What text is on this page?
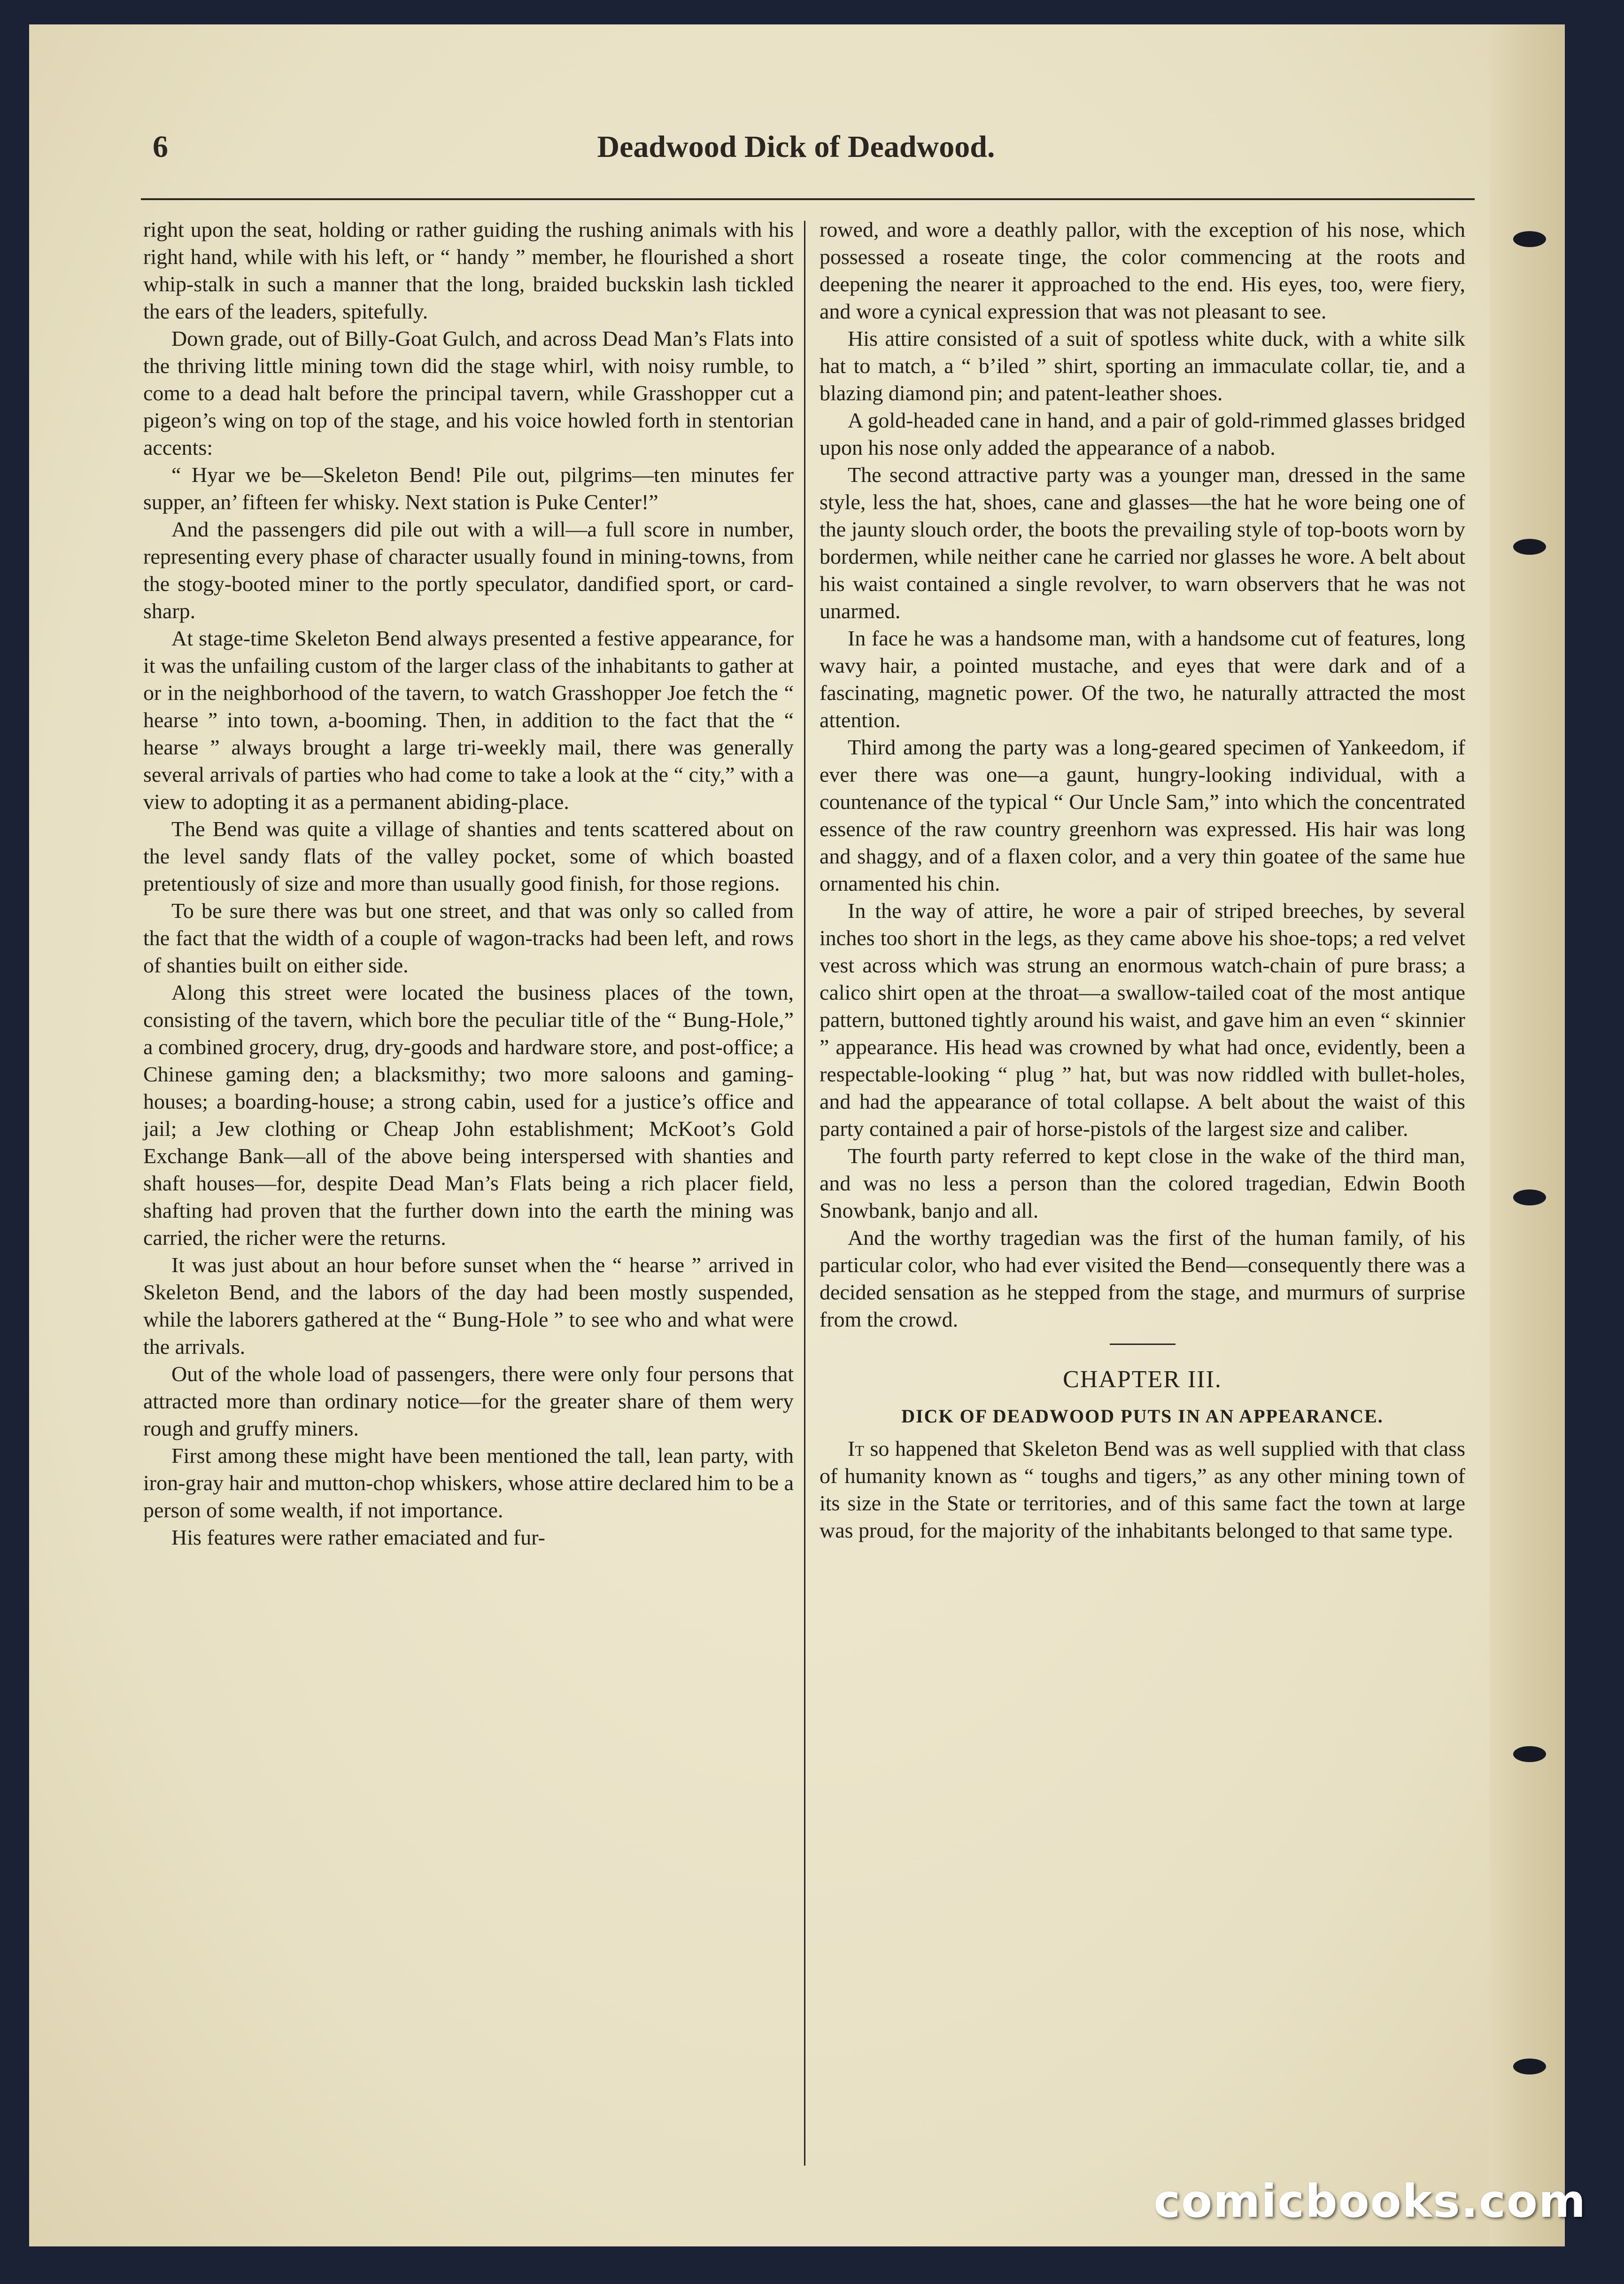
6	Deadwood Dick of Deadwood.

right upon the seat, holding or rather guiding the rushing animals with his right hand, while with his left, or “ handy ” member, he flourished a short whip-stalk in such a manner that the long, braided buckskin lash tickled the ears of the leaders, spitefully.

Down grade, out of Billy-Goat Gulch, and across Dead Man’s Flats into the thriving little mining town did the stage whirl, with noisy rumble, to come to a dead halt before the principal tavern, while Grasshopper cut a pigeon’s wing on top of the stage, and his voice howled forth in stentorian accents:

“ Hyar we be—Skeleton Bend! Pile out, pilgrims—ten minutes fer supper, an’ fifteen fer whisky. Next station is Puke Center!”

And the passengers did pile out with a will—a full score in number, representing every phase of character usually found in mining-towns, from the stogy-booted miner to the portly speculator, dandified sport, or card-sharp.

At stage-time Skeleton Bend always presented a festive appearance, for it was the unfailing custom of the larger class of the inhabitants to gather at or in the neighborhood of the tavern, to watch Grasshopper Joe fetch the “ hearse ” into town, a-booming. Then, in addition to the fact that the “ hearse ” always brought a large tri-weekly mail, there was generally several arrivals of parties who had come to take a look at the “ city,” with a view to adopting it as a permanent abiding-place.

The Bend was quite a village of shanties and tents scattered about on the level sandy flats of the valley pocket, some of which boasted pretentiously of size and more than usually good finish, for those regions.

To be sure there was but one street, and that was only so called from the fact that the width of a couple of wagon-tracks had been left, and rows of shanties built on either side.

Along this street were located the business places of the town, consisting of the tavern, which bore the peculiar title of the “ Bung-Hole,” a combined grocery, drug, dry-goods and hardware store, and post-office; a Chinese gaming den; a blacksmithy; two more saloons and gaming-houses; a boarding-house; a strong cabin, used for a justice’s office and jail; a Jew clothing or Cheap John establishment; McKoot’s Gold Exchange Bank—all of the above being interspersed with shanties and shaft houses—for, despite Dead Man’s Flats being a rich placer field, shafting had proven that the further down into the earth the mining was carried, the richer were the returns.

It was just about an hour before sunset when the “ hearse ” arrived in Skeleton Bend, and the labors of the day had been mostly suspended, while the laborers gathered at the “ Bung-Hole ” to see who and what were the arrivals.

Out of the whole load of passengers, there were only four persons that attracted more than ordinary notice—for the greater share of them wery rough and gruffy miners.

First among these might have been mentioned the tall, lean party, with iron-gray hair and mutton-chop whiskers, whose attire declared him to be a person of some wealth, if not importance.

His features were rather emaciated and fur-

rowed, and wore a deathly pallor, with the exception of his nose, which possessed a roseate tinge, the color commencing at the roots and deepening the nearer it approached to the end. His eyes, too, were fiery, and wore a cynical expression that was not pleasant to see.

His attire consisted of a suit of spotless white duck, with a white silk hat to match, a “ b’iled ” shirt, sporting an immaculate collar, tie, and a blazing diamond pin; and patent-leather shoes.

A gold-headed cane in hand, and a pair of gold-rimmed glasses bridged upon his nose only added the appearance of a nabob.

The second attractive party was a younger man, dressed in the same style, less the hat, shoes, cane and glasses—the hat he wore being one of the jaunty slouch order, the boots the prevailing style of top-boots worn by bordermen, while neither cane he carried nor glasses he wore. A belt about his waist contained a single revolver, to warn observers that he was not unarmed.

In face he was a handsome man, with a handsome cut of features, long wavy hair, a pointed mustache, and eyes that were dark and of a fascinating, magnetic power. Of the two, he naturally attracted the most attention.

Third among the party was a long-geared specimen of Yankeedom, if ever there was one—a gaunt, hungry-looking individual, with a countenance of the typical “ Our Uncle Sam,” into which the concentrated essence of the raw country greenhorn was expressed. His hair was long and shaggy, and of a flaxen color, and a very thin goatee of the same hue ornamented his chin.

In the way of attire, he wore a pair of striped breeches, by several inches too short in the legs, as they came above his shoe-tops; a red velvet vest across which was strung an enormous watch-chain of pure brass; a calico shirt open at the throat—a swallow-tailed coat of the most antique pattern, buttoned tightly around his waist, and gave him an even “ skinnier ” appearance. His head was crowned by what had once, evidently, been a respectable-looking “ plug ” hat, but was now riddled with bullet-holes, and had the appearance of total collapse. A belt about the waist of this party contained a pair of horse-pistols of the largest size and caliber.

The fourth party referred to kept close in the wake of the third man, and was no less a person than the colored tragedian, Edwin Booth Snowbank, banjo and all.

And the worthy tragedian was the first of the human family, of his particular color, who had ever visited the Bend—consequently there was a decided sensation as he stepped from the stage, and murmurs of surprise from the crowd.

CHAPTER III.
DICK OF DEADWOOD PUTS IN AN APPEARANCE.

It so happened that Skeleton Bend was as well supplied with that class of humanity known as “ toughs and tigers,” as any other mining town of its size in the State or territories, and of this same fact the town at large was proud, for the majority of the inhabitants belonged to that same type.

comicbooks.com
